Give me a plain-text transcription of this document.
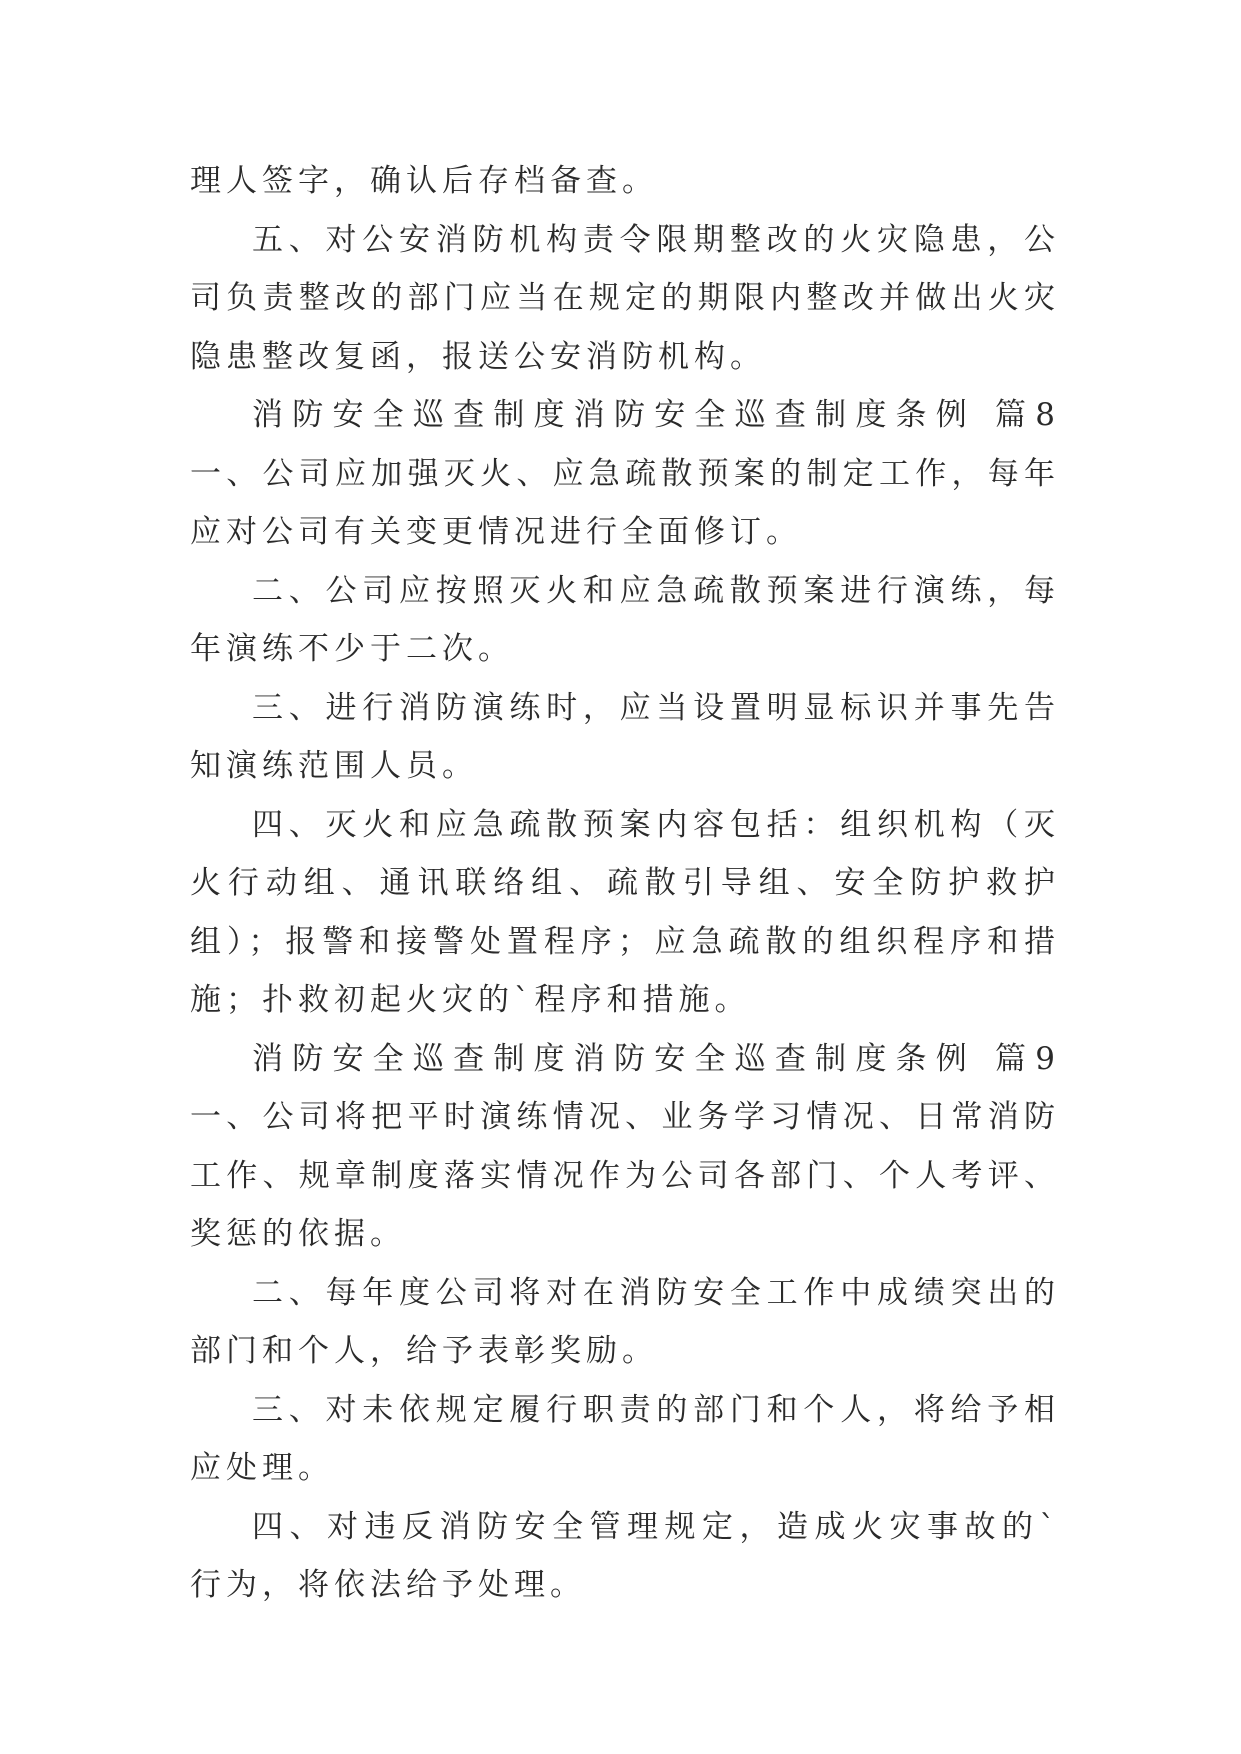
理人签字，确认后存档备查。

五、对公安消防机构责令限期整改的火灾隐患，公司负责整改的部门应当在规定的期限内整改并做出火灾隐患整改复函，报送公安消防机构。

消防安全巡查制度消防安全巡查制度条例 篇8　　一、公司应加强灭火、应急疏散预案的制定工作，每年应对公司有关变更情况进行全面修订。

二、公司应按照灭火和应急疏散预案进行演练，每年演练不少于二次。

三、进行消防演练时，应当设置明显标识并事先告知演练范围人员。

四、灭火和应急疏散预案内容包括：组织机构（灭火行动组、通讯联络组、疏散引导组、安全防护救护组）；报警和接警处置程序；应急疏散的组织程序和措施；扑救初起火灾的`程序和措施。

消防安全巡查制度消防安全巡查制度条例 篇9　　一、公司将把平时演练情况、业务学习情况、日常消防工作、规章制度落实情况作为公司各部门、个人考评、奖惩的依据。

二、每年度公司将对在消防安全工作中成绩突出的部门和个人，给予表彰奖励。

三、对未依规定履行职责的部门和个人，将给予相应处理。

四、对违反消防安全管理规定，造成火灾事故的`行为，将依法给予处理。
